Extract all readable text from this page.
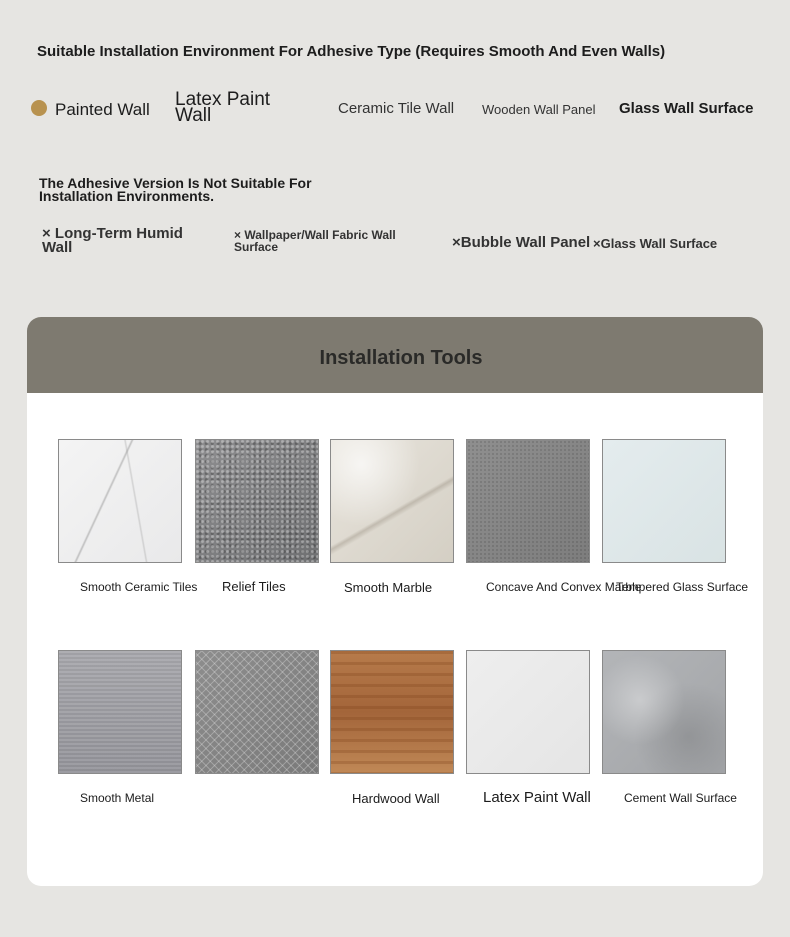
Suitable Installation Environment For Adhesive Type (Requires Smooth And Even Walls)
Painted Wall Latex Paint Wall	Ceramic Tile Wall Wooden Wall Panel Glass Wall Surface
The Adhesive Version Is Not Suitable For Installation Environments.
× Long-Term Humid Wall
× Wallpaper/Wall Fabric Wall Surface	×Bubble Wall Panel ×Glass Wall Surface
Installation Tools
Smooth Ceramic Tiles Relief Tiles	Smooth Marble	Concave And Convex Marble
Tempered Glass Surface
Smooth Metal	Hardwood Wall	Latex Paint Wall	Cement Wall Surface
